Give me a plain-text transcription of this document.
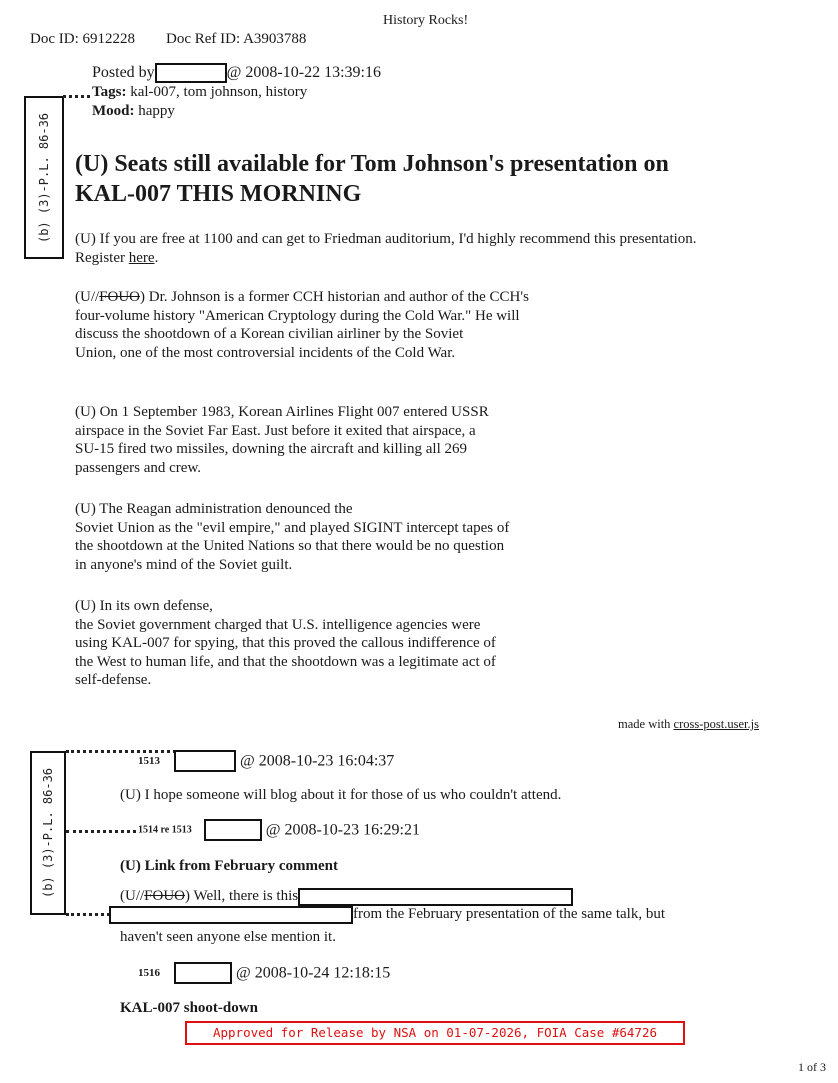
Doc ID: 6912228 Doc Ref ID: A3903788
History Rocks!
(b) (3)-P.L. 86-36
Posted by	@ 2008-10-22 13:39:16
Tags: kal-007, tom johnson, history
Mood: happy
(U) Seats still available for Tom Johnson's presentation on
KAL-007 THIS MORNING

(U) If you are free at 1100 and can get to Friedman auditorium, I'd highly recommend this presentation.

Register here.

(U//FOUO) Dr. Johnson is a former CCH historian and author of the CCH's

four-volume history "American Cryptology during the Cold War." He will

discuss the shootdown of a Korean civilian airliner by the Soviet

Union, one of the most controversial incidents of the Cold War.

(U) On 1 September 1983, Korean Airlines Flight 007 entered USSR

airspace in the Soviet Far East. Just before it exited that airspace, a

SU-15 fired two missiles, downing the aircraft and killing all 269

passengers and crew.

(U) The Reagan administration denounced the

Soviet Union as the "evil empire," and played SIGINT intercept tapes of

the shootdown at the United Nations so that there would be no question

in anyone's mind of the Soviet guilt.

(U) In its own defense,

the Soviet government charged that U.S. intelligence agencies were

using KAL-007 for spying, that this proved the callous indifference of

the West to human life, and that the shootdown was a legitimate act of

self-defense.

made with cross-post.user.js
(b) (3)-P.L. 86-36
1513	@ 2008-10-23 16:04:37
(U) I hope someone will blog about it for those of us who couldn't attend.
1514 re 1513	@ 2008-10-23 16:29:21
(U) Link from February comment
(U//FOUO) Well, there is this
from the February presentation of the same talk, but
haven't seen anyone else mention it.
1516	@ 2008-10-24 12:18:15
KAL-007 shoot-down
Approved for Release by NSA on 01-07-2026, FOIA Case #64726
1 of 3
